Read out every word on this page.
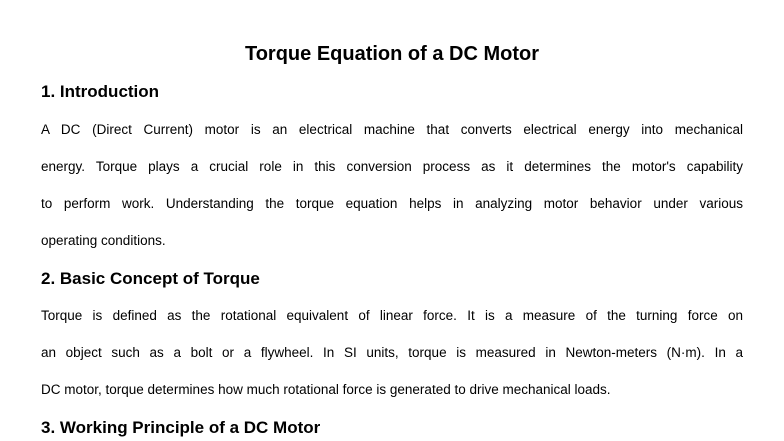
Torque Equation of a DC Motor
1. Introduction

A DC (Direct Current) motor is an electrical machine that converts electrical energy into mechanical

energy. Torque plays a crucial role in this conversion process as it determines the motor's capability

to perform work. Understanding the torque equation helps in analyzing motor behavior under various

operating conditions.

2. Basic Concept of Torque

Torque is defined as the rotational equivalent of linear force. It is a measure of the turning force on

an object such as a bolt or a flywheel. In SI units, torque is measured in Newton-meters (N·m). In a

DC motor, torque determines how much rotational force is generated to drive mechanical loads.

3. Working Principle of a DC Motor
